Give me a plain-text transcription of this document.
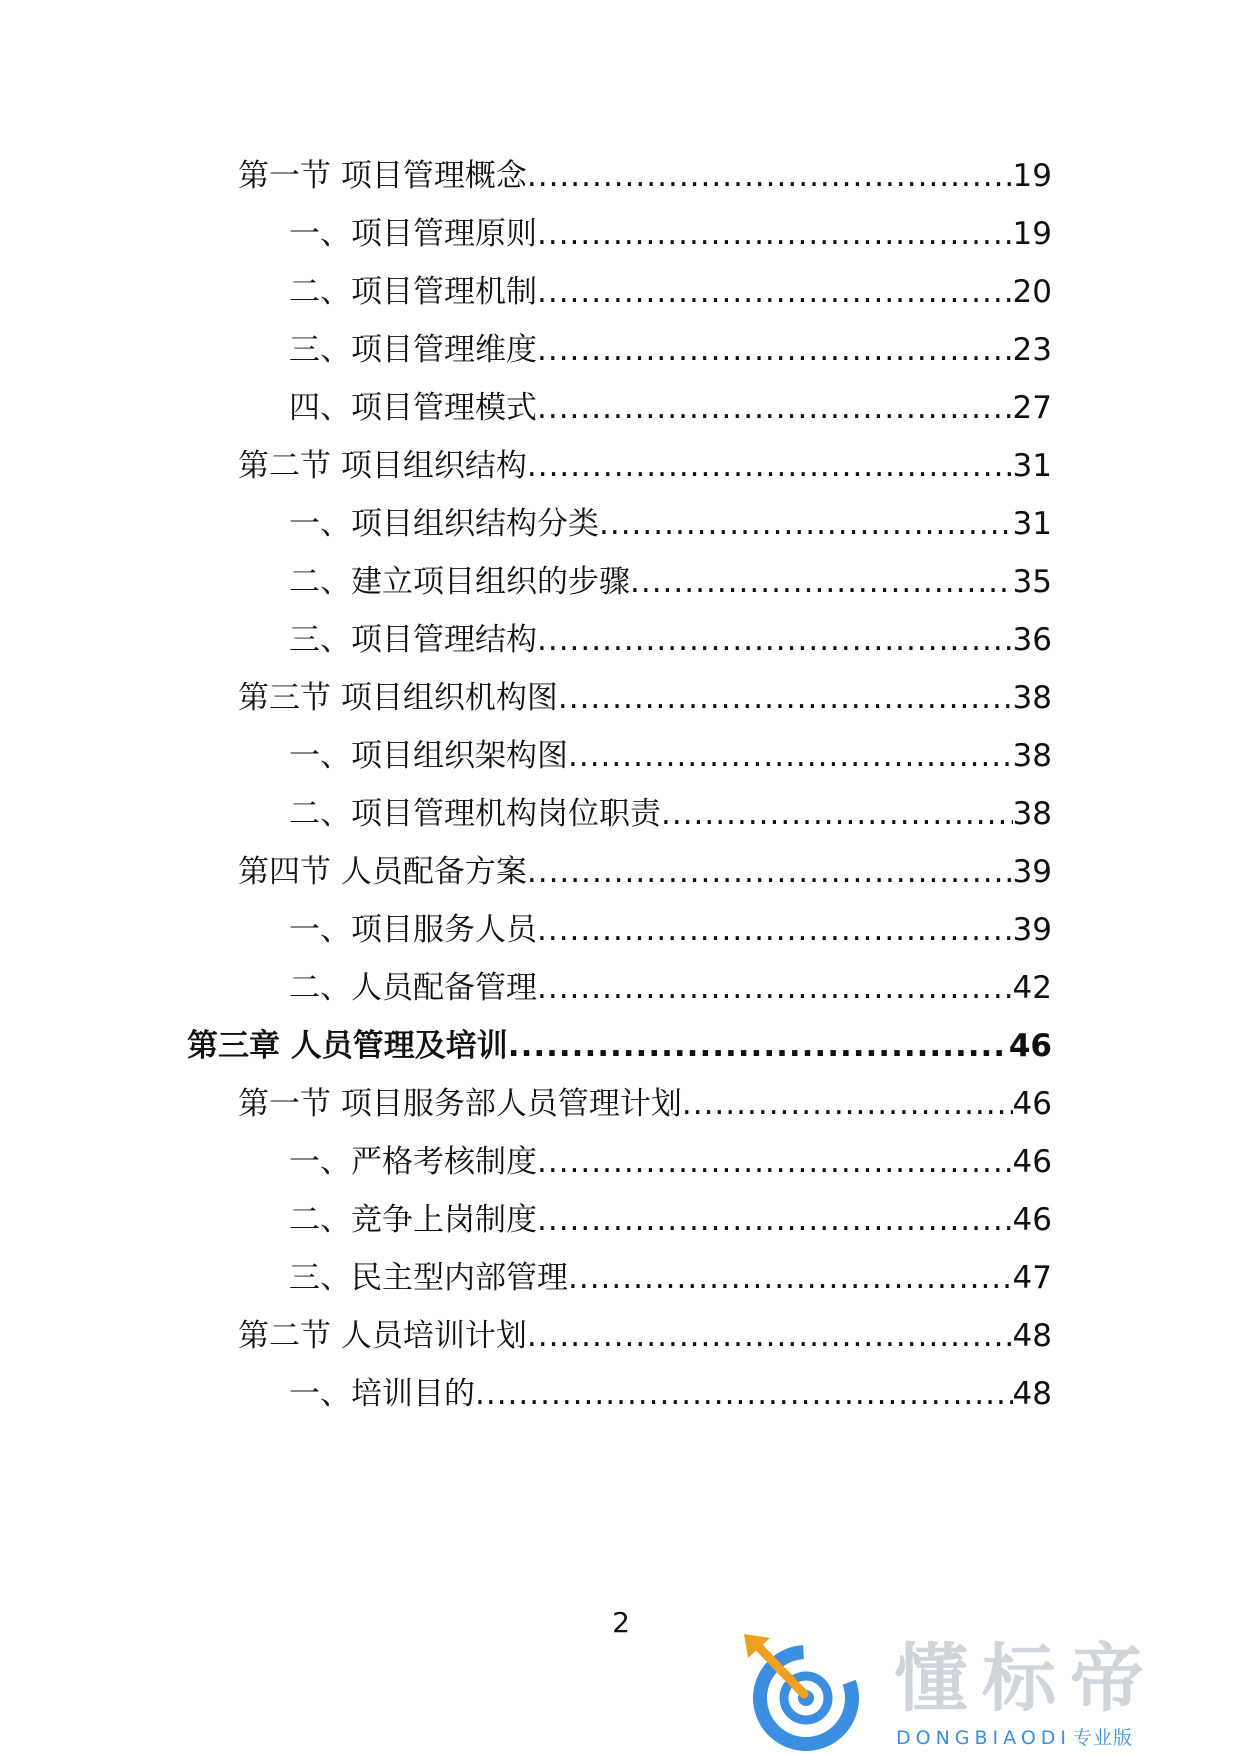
第一节 项目管理概念 .....	19
一、项目管理原则 .....	19
二、项目管理机制 .....	20
三、项目管理维度 .....	23
四、项目管理模式 .....	27
第二节 项目组织结构 .....	31
一、项目组织结构分类 .....	31
二、建立项目组织的步骤 .....	35
三、项目管理结构 .....	36
第三节 项目组织机构图 .....	38
一、项目组织架构图 .....	38
二、项目管理机构岗位职责 .....	38
第四节 人员配备方案 .....	39
一、项目服务人员 .....	39
二、人员配备管理 .....	42
第三章 人员管理及培训 .....	46
第一节 项目服务部人员管理计划 .....	46
一、严格考核制度 .....	46
二、竞争上岗制度 .....	46
三、民主型内部管理 .....	47
第二节 人员培训计划 .....	48
一、培训目的 .....	48
2
懂标帝
DONGBIAODI 专业版
